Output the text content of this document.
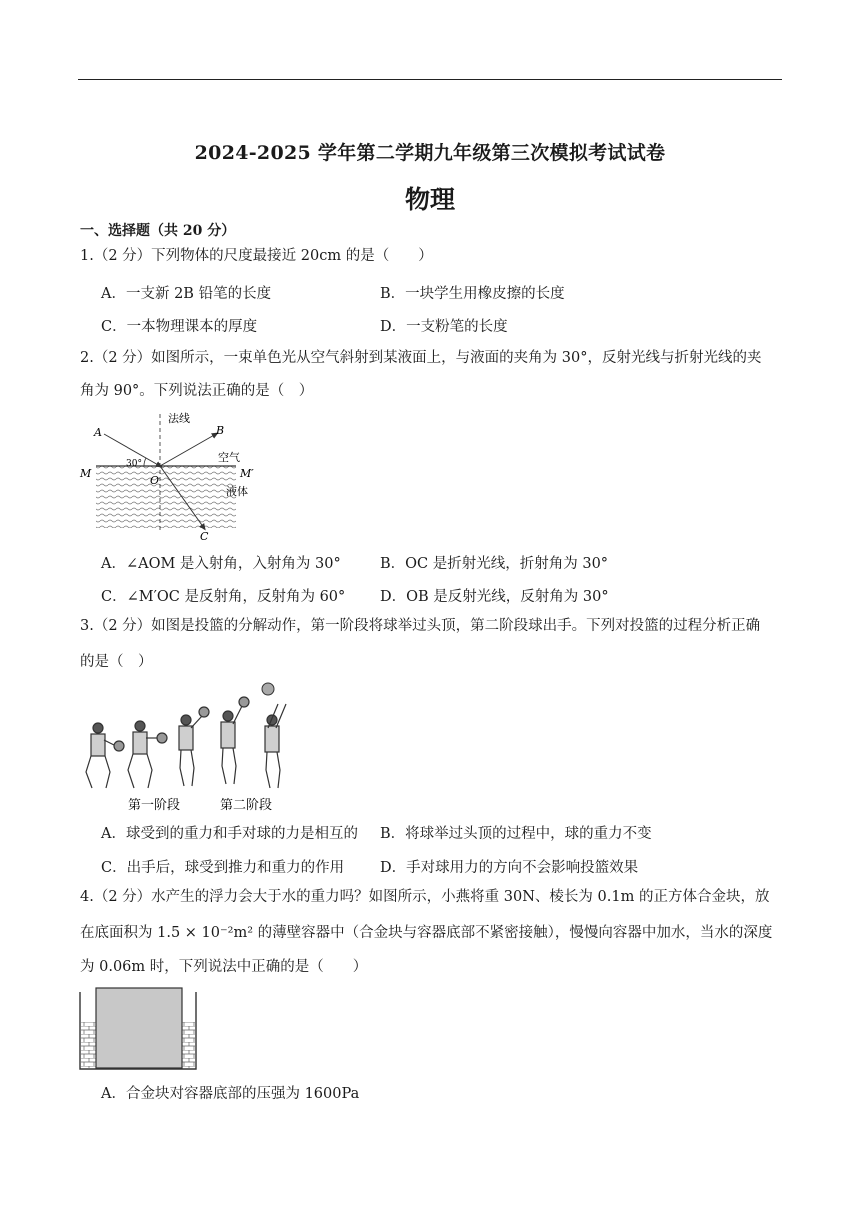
2024-2025 学年第二学期九年级第三次模拟考试试卷
物理
一、选择题（共 20 分）
1.（2 分）下列物体的尺度最接近 20cm 的是（　　）
A．一支新 2B 铅笔的长度	B．一块学生用橡皮擦的长度
C．一本物理课本的厚度	D．一支粉笔的长度
2.（2 分）如图所示，一束单色光从空气斜射到某液面上，与液面的夹角为 30°，反射光线与折射光线的夹
角为 90°。下列说法正确的是（　）
法线
A	B
30°	空气
M	M′
O
液体
C
A．∠AOM 是入射角，入射角为 30°	B．OC 是折射光线，折射角为 30°
C．∠M′OC 是反射角，反射角为 60° D．OB 是反射光线，反射角为 30°
3.（2 分）如图是投篮的分解动作，第一阶段将球举过头顶，第二阶段球出手。下列对投篮的过程分析正确
的是（　）
第一阶段	第二阶段
A．球受到的重力和手对球的力是相互的 B．将球举过头顶的过程中，球的重力不变
C．出手后，球受到推力和重力的作用 D．手对球用力的方向不会影响投篮效果
4.（2 分）水产生的浮力会大于水的重力吗？如图所示，小燕将重 30N、棱长为 0.1m 的正方体合金块，放
在底面积为 1.5 × 10⁻²m² 的薄壁容器中（合金块与容器底部不紧密接触），慢慢向容器中加水，当水的深度
为 0.06m 时，下列说法中正确的是（　　）
A．合金块对容器底部的压强为 1600Pa
